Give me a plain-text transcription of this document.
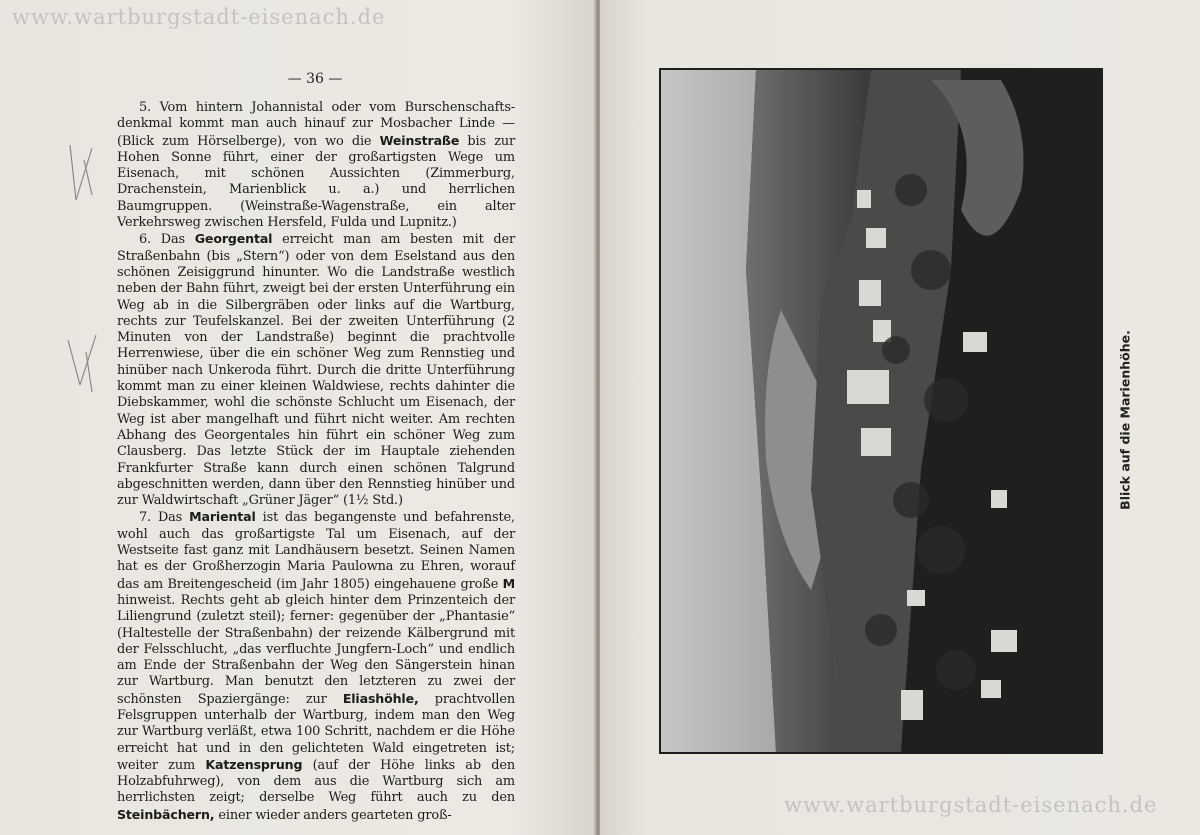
www.wartburgstadt-eisenach.de
— 36 —

5. Vom hintern Johannistal oder vom Burschenschafts-denkmal kommt man auch hinauf zur Mosbacher Linde — (Blick zum Hörselberge), von wo die Weinstraße bis zur Hohen Sonne führt, einer der großartigsten Wege um Eisenach, mit schönen Aussichten (Zimmerburg, Drachenstein, Marienblick u. a.) und herrlichen Baumgruppen. (Weinstraße-Wagenstraße, ein alter Verkehrsweg zwischen Hersfeld, Fulda und Lupnitz.)

6. Das Georgental erreicht man am besten mit der Straßenbahn (bis „Stern“) oder von dem Eselstand aus den schönen Zeisiggrund hinunter. Wo die Landstraße westlich neben der Bahn führt, zweigt bei der ersten Unterführung ein Weg ab in die Silbergräben oder links auf die Wartburg, rechts zur Teufelskanzel. Bei der zweiten Unterführung (2 Minuten von der Landstraße) beginnt die prachtvolle Herrenwiese, über die ein schöner Weg zum Rennstieg und hinüber nach Unkeroda führt. Durch die dritte Unterführung kommt man zu einer kleinen Waldwiese, rechts dahinter die Diebskammer, wohl die schönste Schlucht um Eisenach, der Weg ist aber mangelhaft und führt nicht weiter. Am rechten Abhang des Georgentales hin führt ein schöner Weg zum Clausberg. Das letzte Stück der im Hauptale ziehenden Frankfurter Straße kann durch einen schönen Talgrund abgeschnitten werden, dann über den Rennstieg hinüber und zur Waldwirtschaft „Grüner Jäger“ (1½ Std.)

7. Das Mariental ist das begangenste und befahrenste, wohl auch das großartigste Tal um Eisenach, auf der Westseite fast ganz mit Landhäusern besetzt. Seinen Namen hat es der Großherzogin Maria Paulowna zu Ehren, worauf das am Breitengescheid (im Jahr 1805) eingehauene große M hinweist. Rechts geht ab gleich hinter dem Prinzenteich der Liliengrund (zuletzt steil); ferner: gegenüber der „Phantasie“ (Haltestelle der Straßenbahn) der reizende Kälbergrund mit der Felsschlucht, „das verfluchte Jungfern-Loch“ und endlich am Ende der Straßenbahn der Weg den Sängerstein hinan zur Wartburg. Man benutzt den letzteren zu zwei der schönsten Spaziergänge: zur Eliashöhle, prachtvollen Felsgruppen unterhalb der Wartburg, indem man den Weg zur Wartburg verläßt, etwa 100 Schritt, nachdem er die Höhe erreicht hat und in den gelichteten Wald eingetreten ist; weiter zum Katzensprung (auf der Höhe links ab den Holzabfuhrweg), von dem aus die Wartburg sich am herrlichsten zeigt; derselbe Weg führt auch zu den Steinbächern, einer wieder anders gearteten groß-

Blick auf die Marienhöhe.
www.wartburgstadt-eisenach.de
